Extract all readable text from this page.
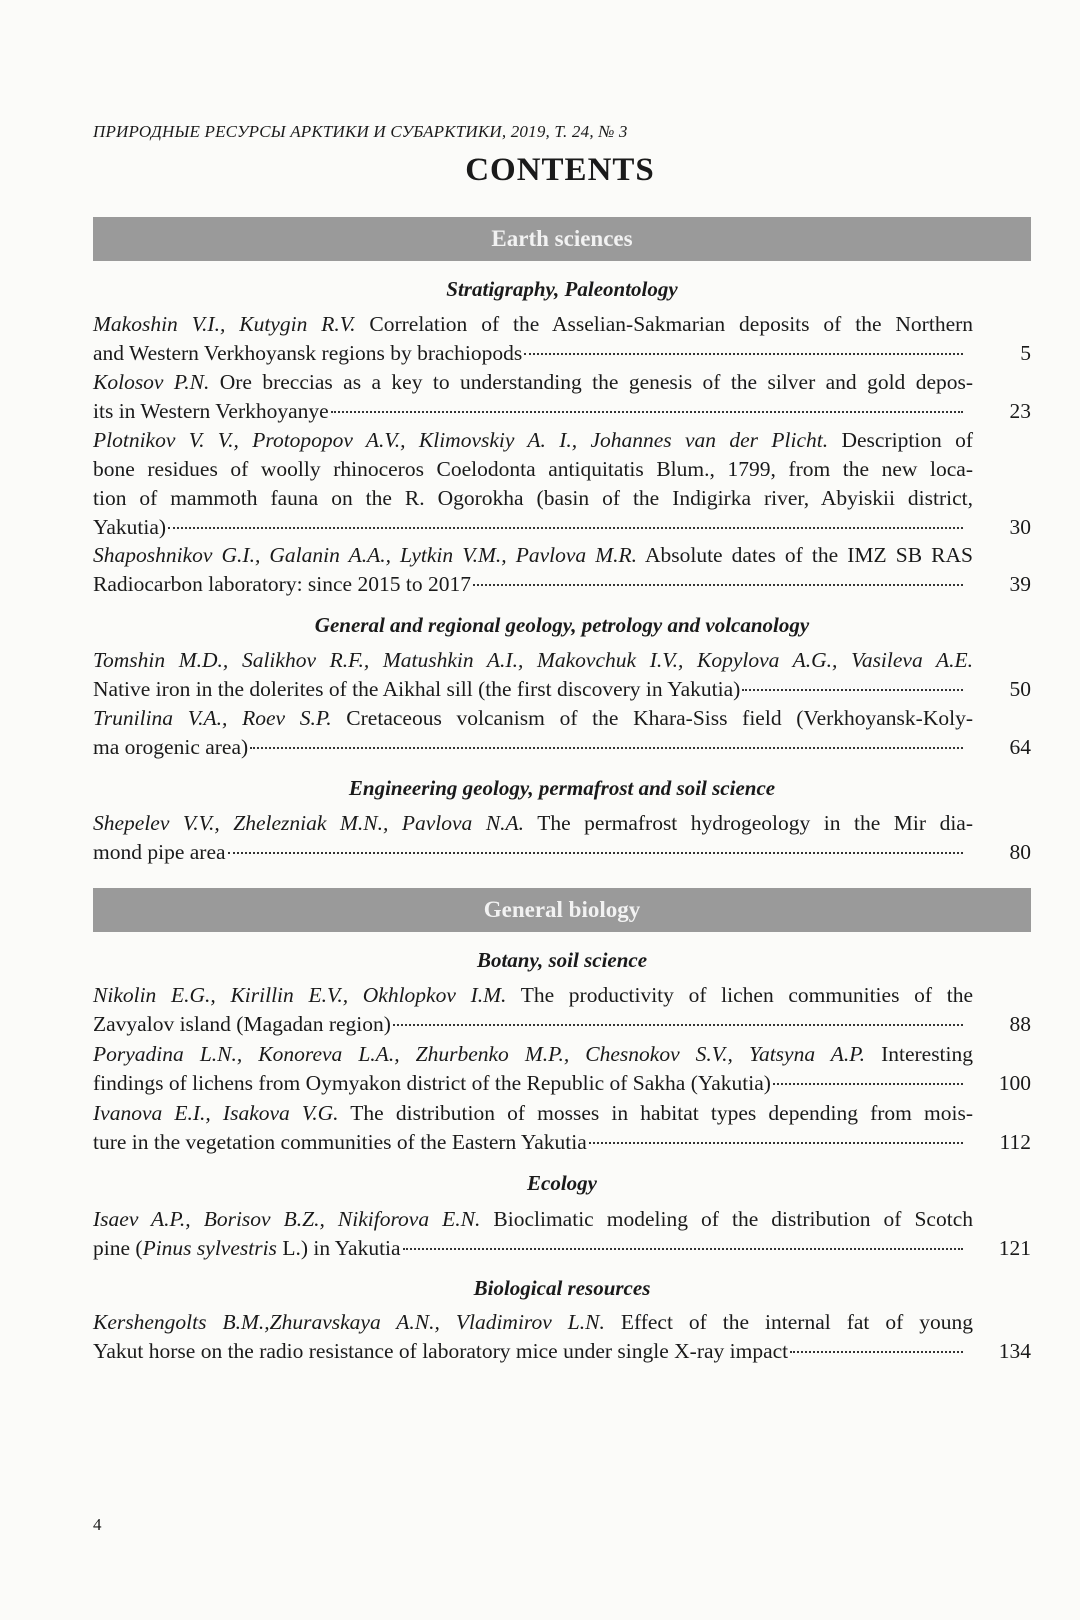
ПРИРОДНЫЕ РЕСУРСЫ АРКТИКИ И СУБАРКТИКИ, 2019, Т. 24, № 3
CONTENTS
Earth sciences
Stratigraphy, Paleontology
Makoshin V.I., Kutygin R.V. Correlation of the Asselian-Sakmarian deposits of the Northern
and Western Verkhoyansk regions by brachiopods	5
Kolosov P.N. Ore breccias as a key to understanding the genesis of the silver and gold depos-
its in Western Verkhoyanye	23
Plotnikov V. V., Protopopov A.V., Klimovskiy A. I., Johannes van der Plicht. Description of
bone residues of woolly rhinoceros Coelodonta antiquitatis Blum., 1799, from the new loca-
tion of mammoth fauna on the R. Ogorokha (basin of the Indigirka river, Abyiskii district,
Yakutia)	30
Shaposhnikov G.I., Galanin A.A., Lytkin V.M., Pavlova M.R. Absolute dates of the IMZ SB RAS
Radiocarbon laboratory: since 2015 to 2017	39
General and regional geology, petrology and volcanology
Tomshin M.D., Salikhov R.F., Matushkin A.I., Makovchuk I.V., Kopylova A.G., Vasileva A.E.
Native iron in the dolerites of the Aikhal sill (the first discovery in Yakutia)	50
Trunilina V.A., Roev S.P. Cretaceous volcanism of the Khara-Siss field (Verkhoyansk-Koly-
ma orogenic area)	64
Engineering geology, permafrost and soil science
Shepelev V.V., Zhelezniak M.N., Pavlova N.A. The permafrost hydrogeology in the Mir dia-
mond pipe area	80
General biology
Botany, soil science
Nikolin E.G., Kirillin E.V., Okhlopkov I.M. The productivity of lichen communities of the
Zavyalov island (Magadan region)	88
Poryadina L.N., Konoreva L.A., Zhurbenko M.P., Chesnokov S.V., Yatsyna A.P. Interesting
findings of lichens from Oymyakon district of the Republic of Sakha (Yakutia)	100
Ivanova E.I., Isakova V.G. The distribution of mosses in habitat types depending from mois-
ture in the vegetation communities of the Eastern Yakutia	112
Ecology
Isaev A.P., Borisov B.Z., Nikiforova E.N. Bioclimatic modeling of the distribution of Scotch
pine (Pinus sylvestris L.) in Yakutia	121
Biological resources
Kershengolts B.M.,Zhuravskaya A.N., Vladimirov L.N. Effect of the internal fat of young
Yakut horse on the radio resistance of laboratory mice under single X-ray impact	134
4
